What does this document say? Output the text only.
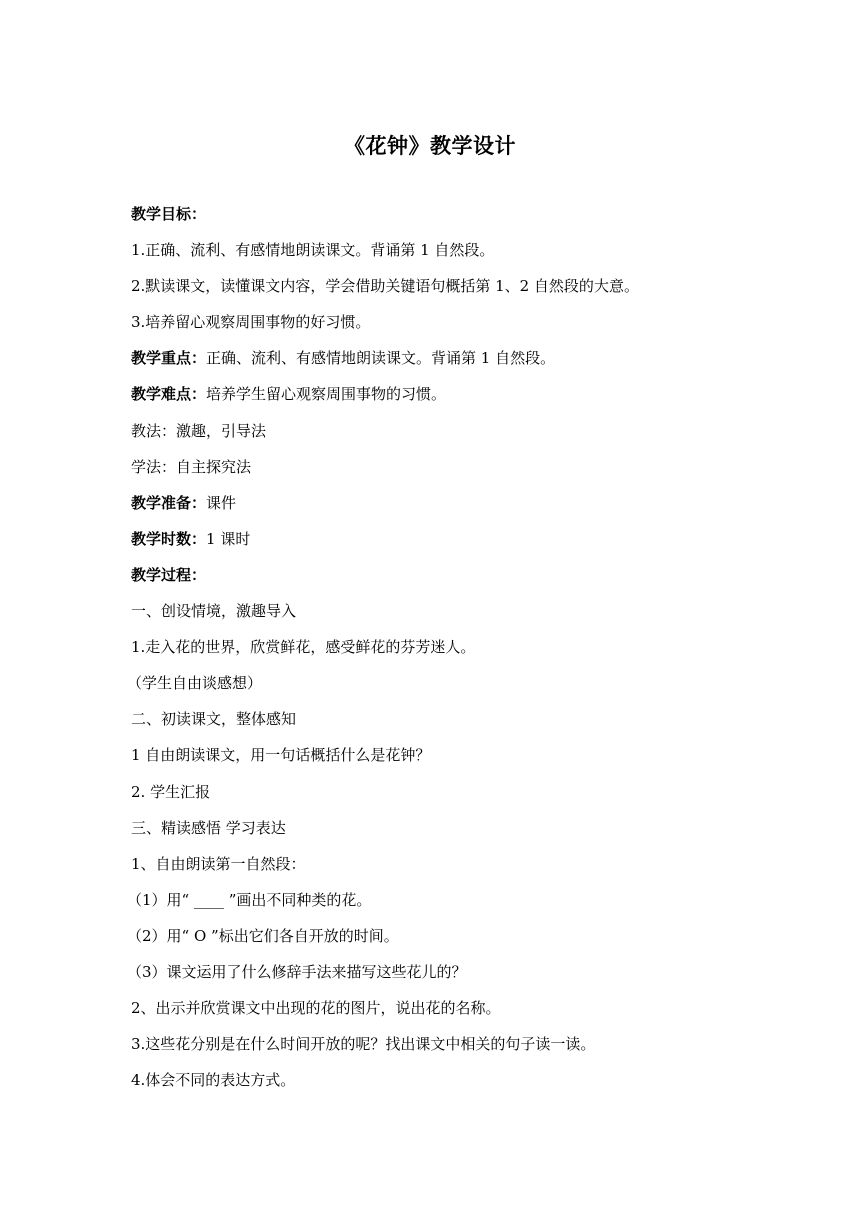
《花钟》教学设计
教学目标：
1.正确、流利、有感情地朗读课文。背诵第 1 自然段。
2.默读课文，读懂课文内容，学会借助关键语句概括第 1、2 自然段的大意。
3.培养留心观察周围事物的好习惯。
教学重点：正确、流利、有感情地朗读课文。背诵第 1 自然段。
教学难点：培养学生留心观察周围事物的习惯。
教法：激趣，引导法
学法：自主探究法
教学准备：课件
教学时数：1 课时
教学过程：
一、创设情境，激趣导入
1.走入花的世界，欣赏鲜花，感受鲜花的芬芳迷人。
（学生自由谈感想）
二、初读课文，整体感知
1 自由朗读课文，用一句话概括什么是花钟？
2. 学生汇报
三、精读感悟 学习表达
1、自由朗读第一自然段：
（1）用“ ____ ”画出不同种类的花。
（2）用“ O ”标出它们各自开放的时间。
（3）课文运用了什么修辞手法来描写这些花儿的？
2、出示并欣赏课文中出现的花的图片，说出花的名称。
3.这些花分别是在什么时间开放的呢？找出课文中相关的句子读一读。
4.体会不同的表达方式。
